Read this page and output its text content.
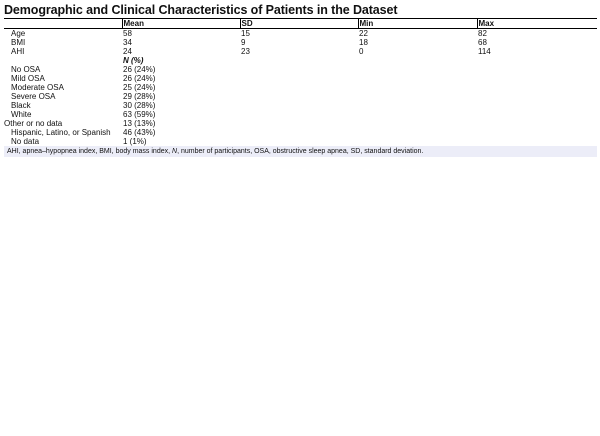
Demographic and Clinical Characteristics of Patients in the Dataset
	Mean	SD	Min	Max
Age	58	15	22	82
BMI	34	9	18	68
AHI	24	23	0	114
	N (%)			
No OSA	26 (24%)			
Mild OSA	26 (24%)			
Moderate OSA	25 (24%)			
Severe OSA	29 (28%)			
Black	30 (28%)			
White	63 (59%)			
Other or no data	13 (13%)			
Hispanic, Latino, or Spanish	46 (43%)			
No data	1 (1%)			
AHI, apnea–hypopnea index, BMI, body mass index, N, number of participants, OSA, obstructive sleep apnea, SD, standard deviation.				
